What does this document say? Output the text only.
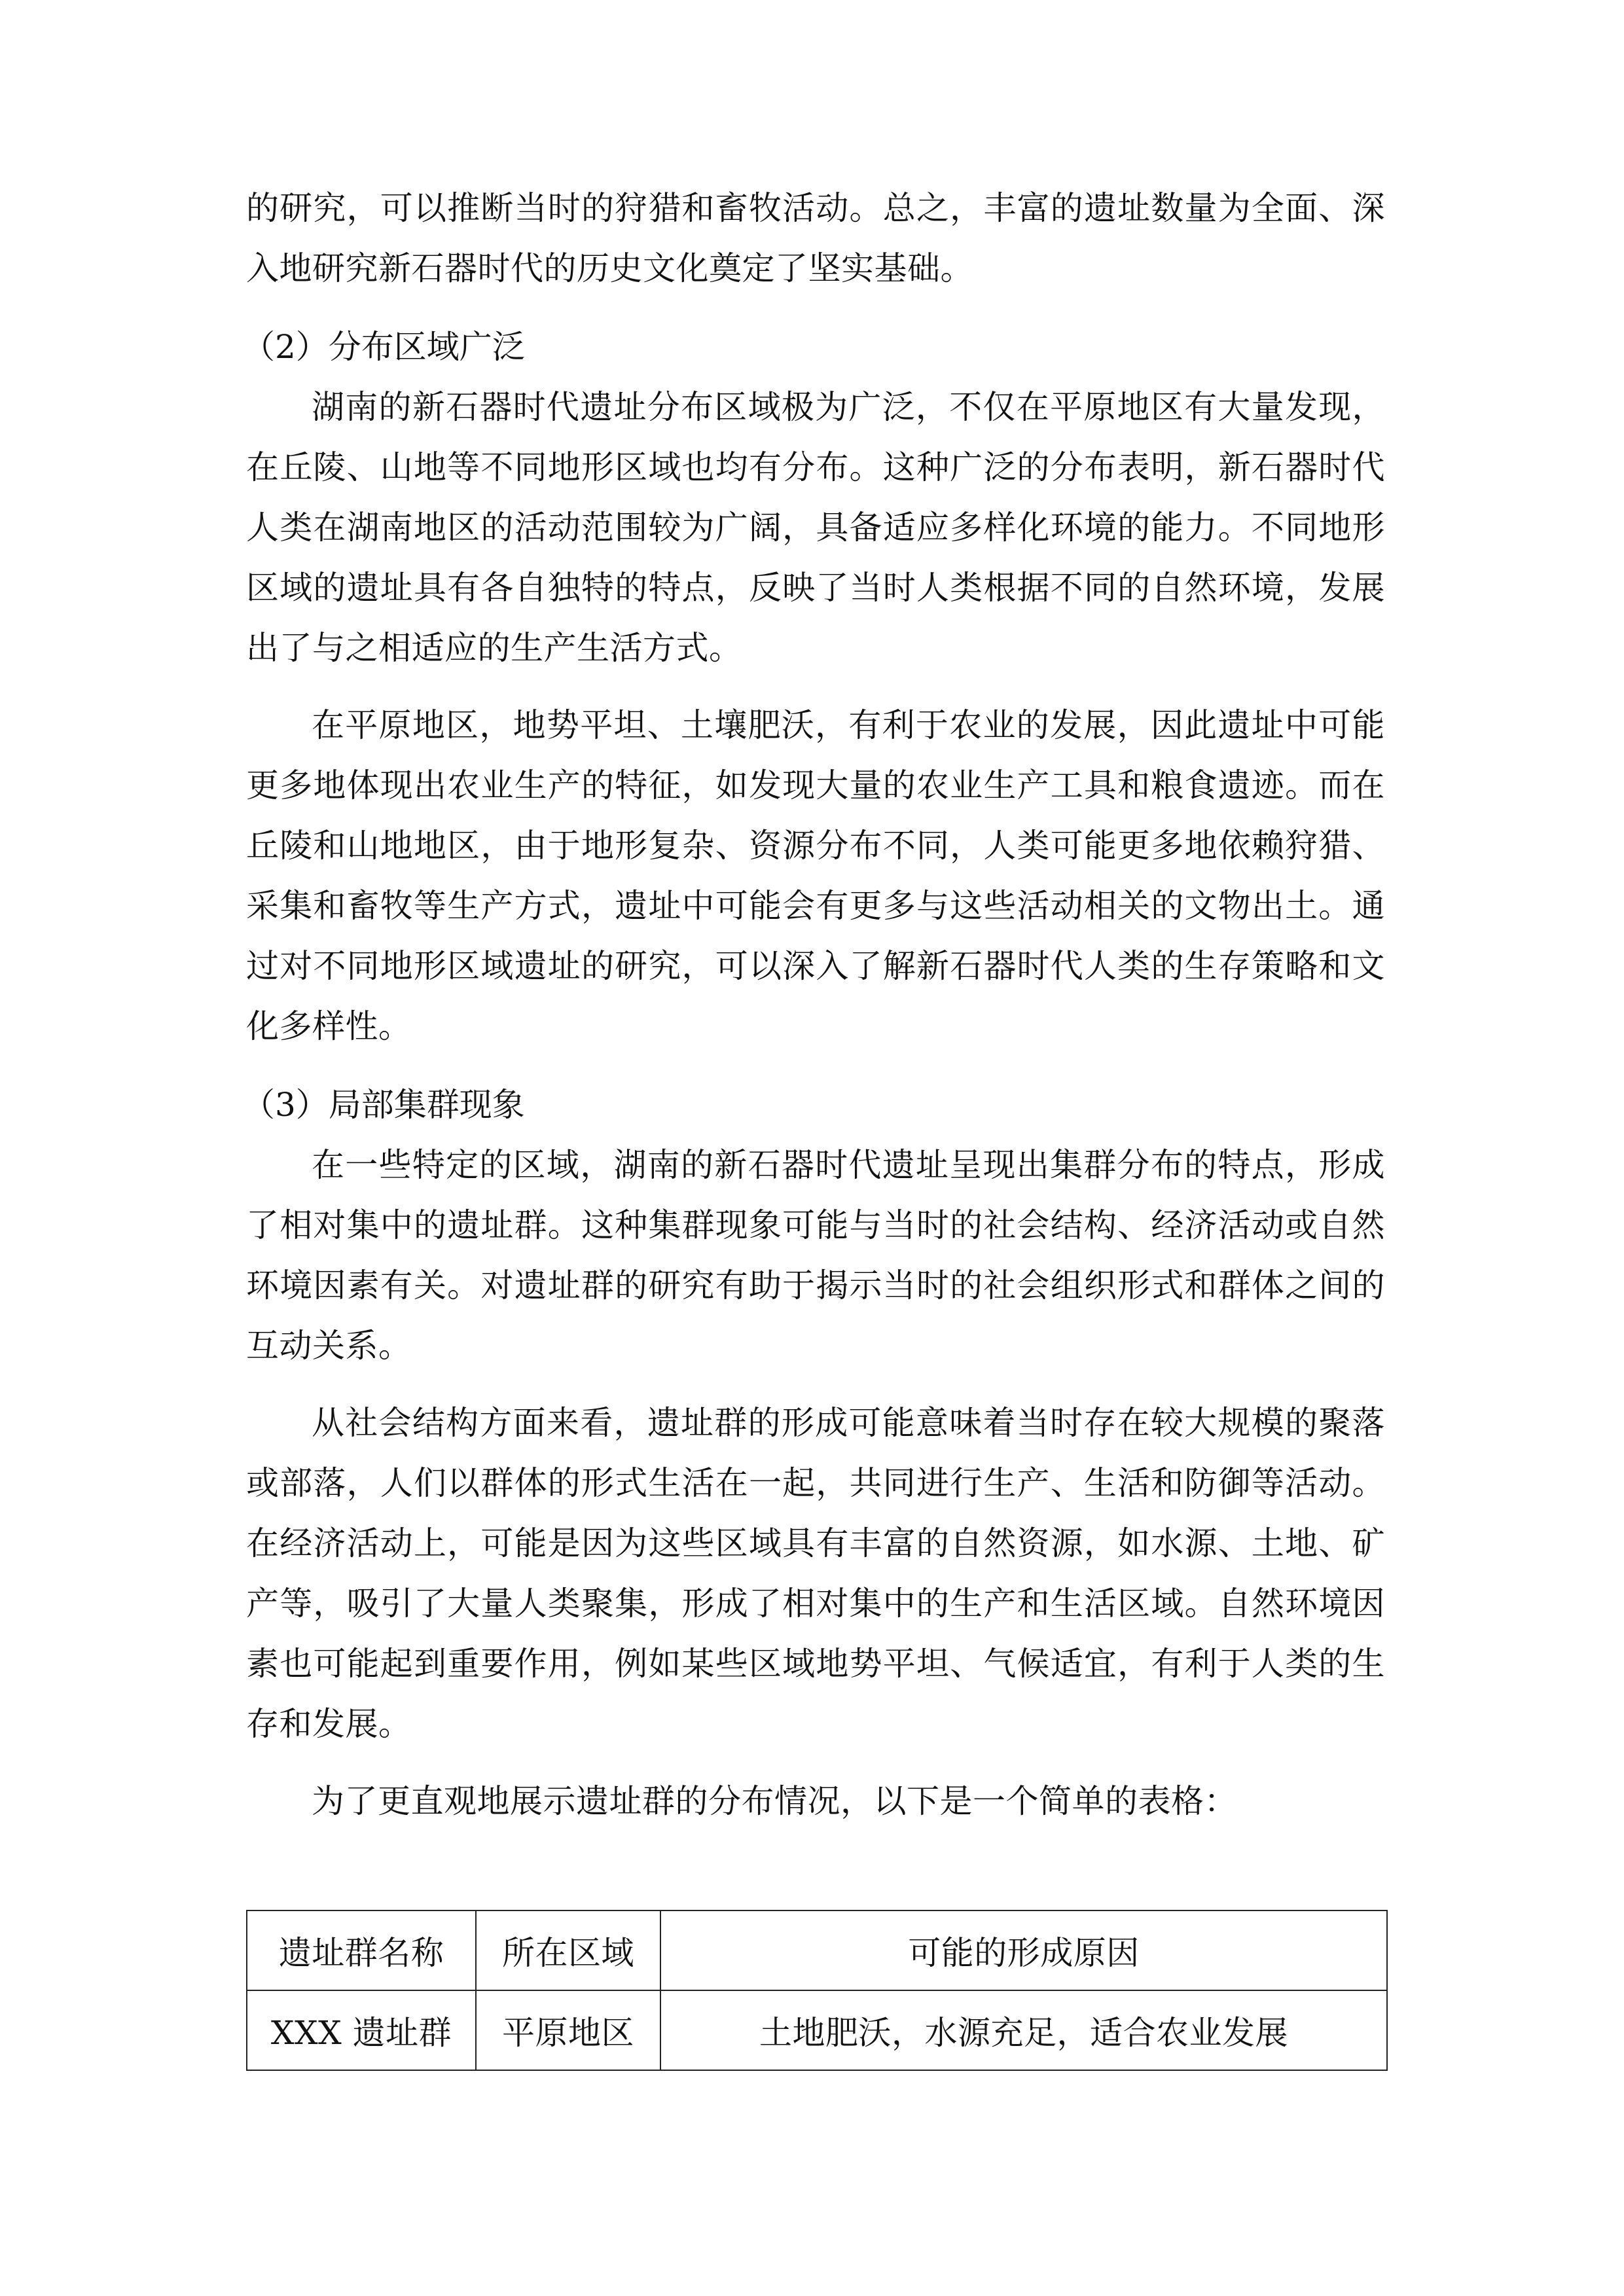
的研究，可以推断当时的狩猎和畜牧活动。总之，丰富的遗址数量为全面、深入地研究新石器时代的历史文化奠定了坚实基础。

（2）分布区域广泛

湖南的新石器时代遗址分布区域极为广泛，不仅在平原地区有大量发现，在丘陵、山地等不同地形区域也均有分布。这种广泛的分布表明，新石器时代人类在湖南地区的活动范围较为广阔，具备适应多样化环境的能力。不同地形区域的遗址具有各自独特的特点，反映了当时人类根据不同的自然环境，发展出了与之相适应的生产生活方式。

在平原地区，地势平坦、土壤肥沃，有利于农业的发展，因此遗址中可能更多地体现出农业生产的特征，如发现大量的农业生产工具和粮食遗迹。而在丘陵和山地地区，由于地形复杂、资源分布不同，人类可能更多地依赖狩猎、采集和畜牧等生产方式，遗址中可能会有更多与这些活动相关的文物出土。通过对不同地形区域遗址的研究，可以深入了解新石器时代人类的生存策略和文化多样性。

（3）局部集群现象

在一些特定的区域，湖南的新石器时代遗址呈现出集群分布的特点，形成了相对集中的遗址群。这种集群现象可能与当时的社会结构、经济活动或自然环境因素有关。对遗址群的研究有助于揭示当时的社会组织形式和群体之间的互动关系。

从社会结构方面来看，遗址群的形成可能意味着当时存在较大规模的聚落或部落，人们以群体的形式生活在一起，共同进行生产、生活和防御等活动。在经济活动上，可能是因为这些区域具有丰富的自然资源，如水源、土地、矿产等，吸引了大量人类聚集，形成了相对集中的生产和生活区域。自然环境因素也可能起到重要作用，例如某些区域地势平坦、气候适宜，有利于人类的生存和发展。

为了更直观地展示遗址群的分布情况，以下是一个简单的表格：

遗址群名称	所在区域	可能的形成原因
XXX 遗址群	平原地区	土地肥沃，水源充足，适合农业发展
